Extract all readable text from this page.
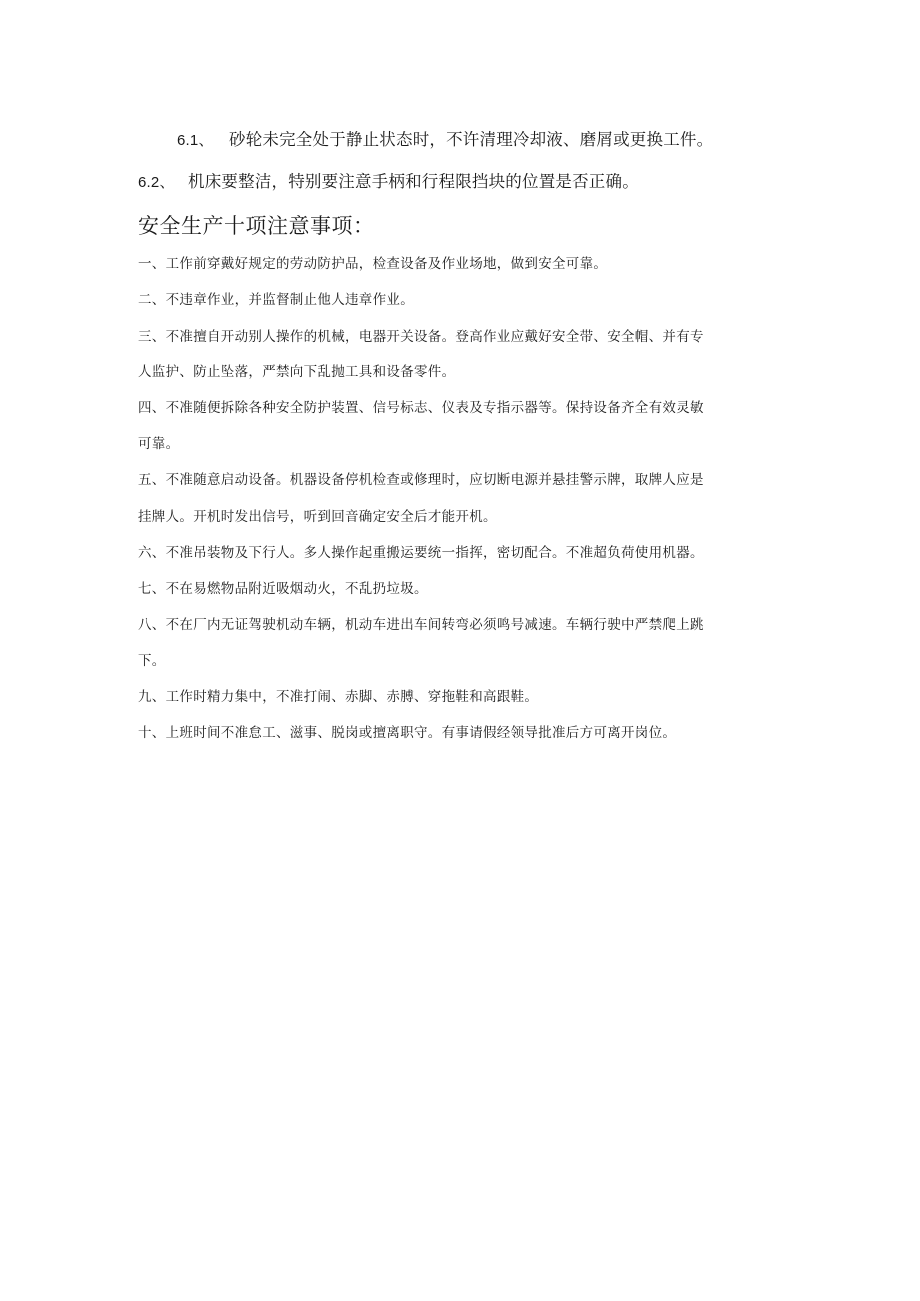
6.1、 砂轮未完全处于静止状态时，不许清理冷却液、磨屑或更换工件。
6.2、 机床要整洁，特别要注意手柄和行程限挡块的位置是否正确。
安全生产十项注意事项：
一、工作前穿戴好规定的劳动防护品，检查设备及作业场地，做到安全可靠。
二、不违章作业，并监督制止他人违章作业。
三、不准擅自开动别人操作的机械，电器开关设备。登高作业应戴好安全带、安全帽、并有专
人监护、防止坠落，严禁向下乱抛工具和设备零件。
四、不准随便拆除各种安全防护装置、信号标志、仪表及专指示器等。保持设备齐全有效灵敏
可靠。
五、不准随意启动设备。机器设备停机检查或修理时，应切断电源并悬挂警示牌，取牌人应是
挂牌人。开机时发出信号，听到回音确定安全后才能开机。
六、不准吊装物及下行人。多人操作起重搬运要统一指挥，密切配合。不准超负荷使用机器。
七、不在易燃物品附近吸烟动火，不乱扔垃圾。
八、不在厂内无证驾驶机动车辆，机动车进出车间转弯必须鸣号减速。车辆行驶中严禁爬上跳
下。
九、工作时精力集中，不准打闹、赤脚、赤膊、穿拖鞋和高跟鞋。
十、上班时间不准怠工、滋事、脱岗或擅离职守。有事请假经领导批准后方可离开岗位。
